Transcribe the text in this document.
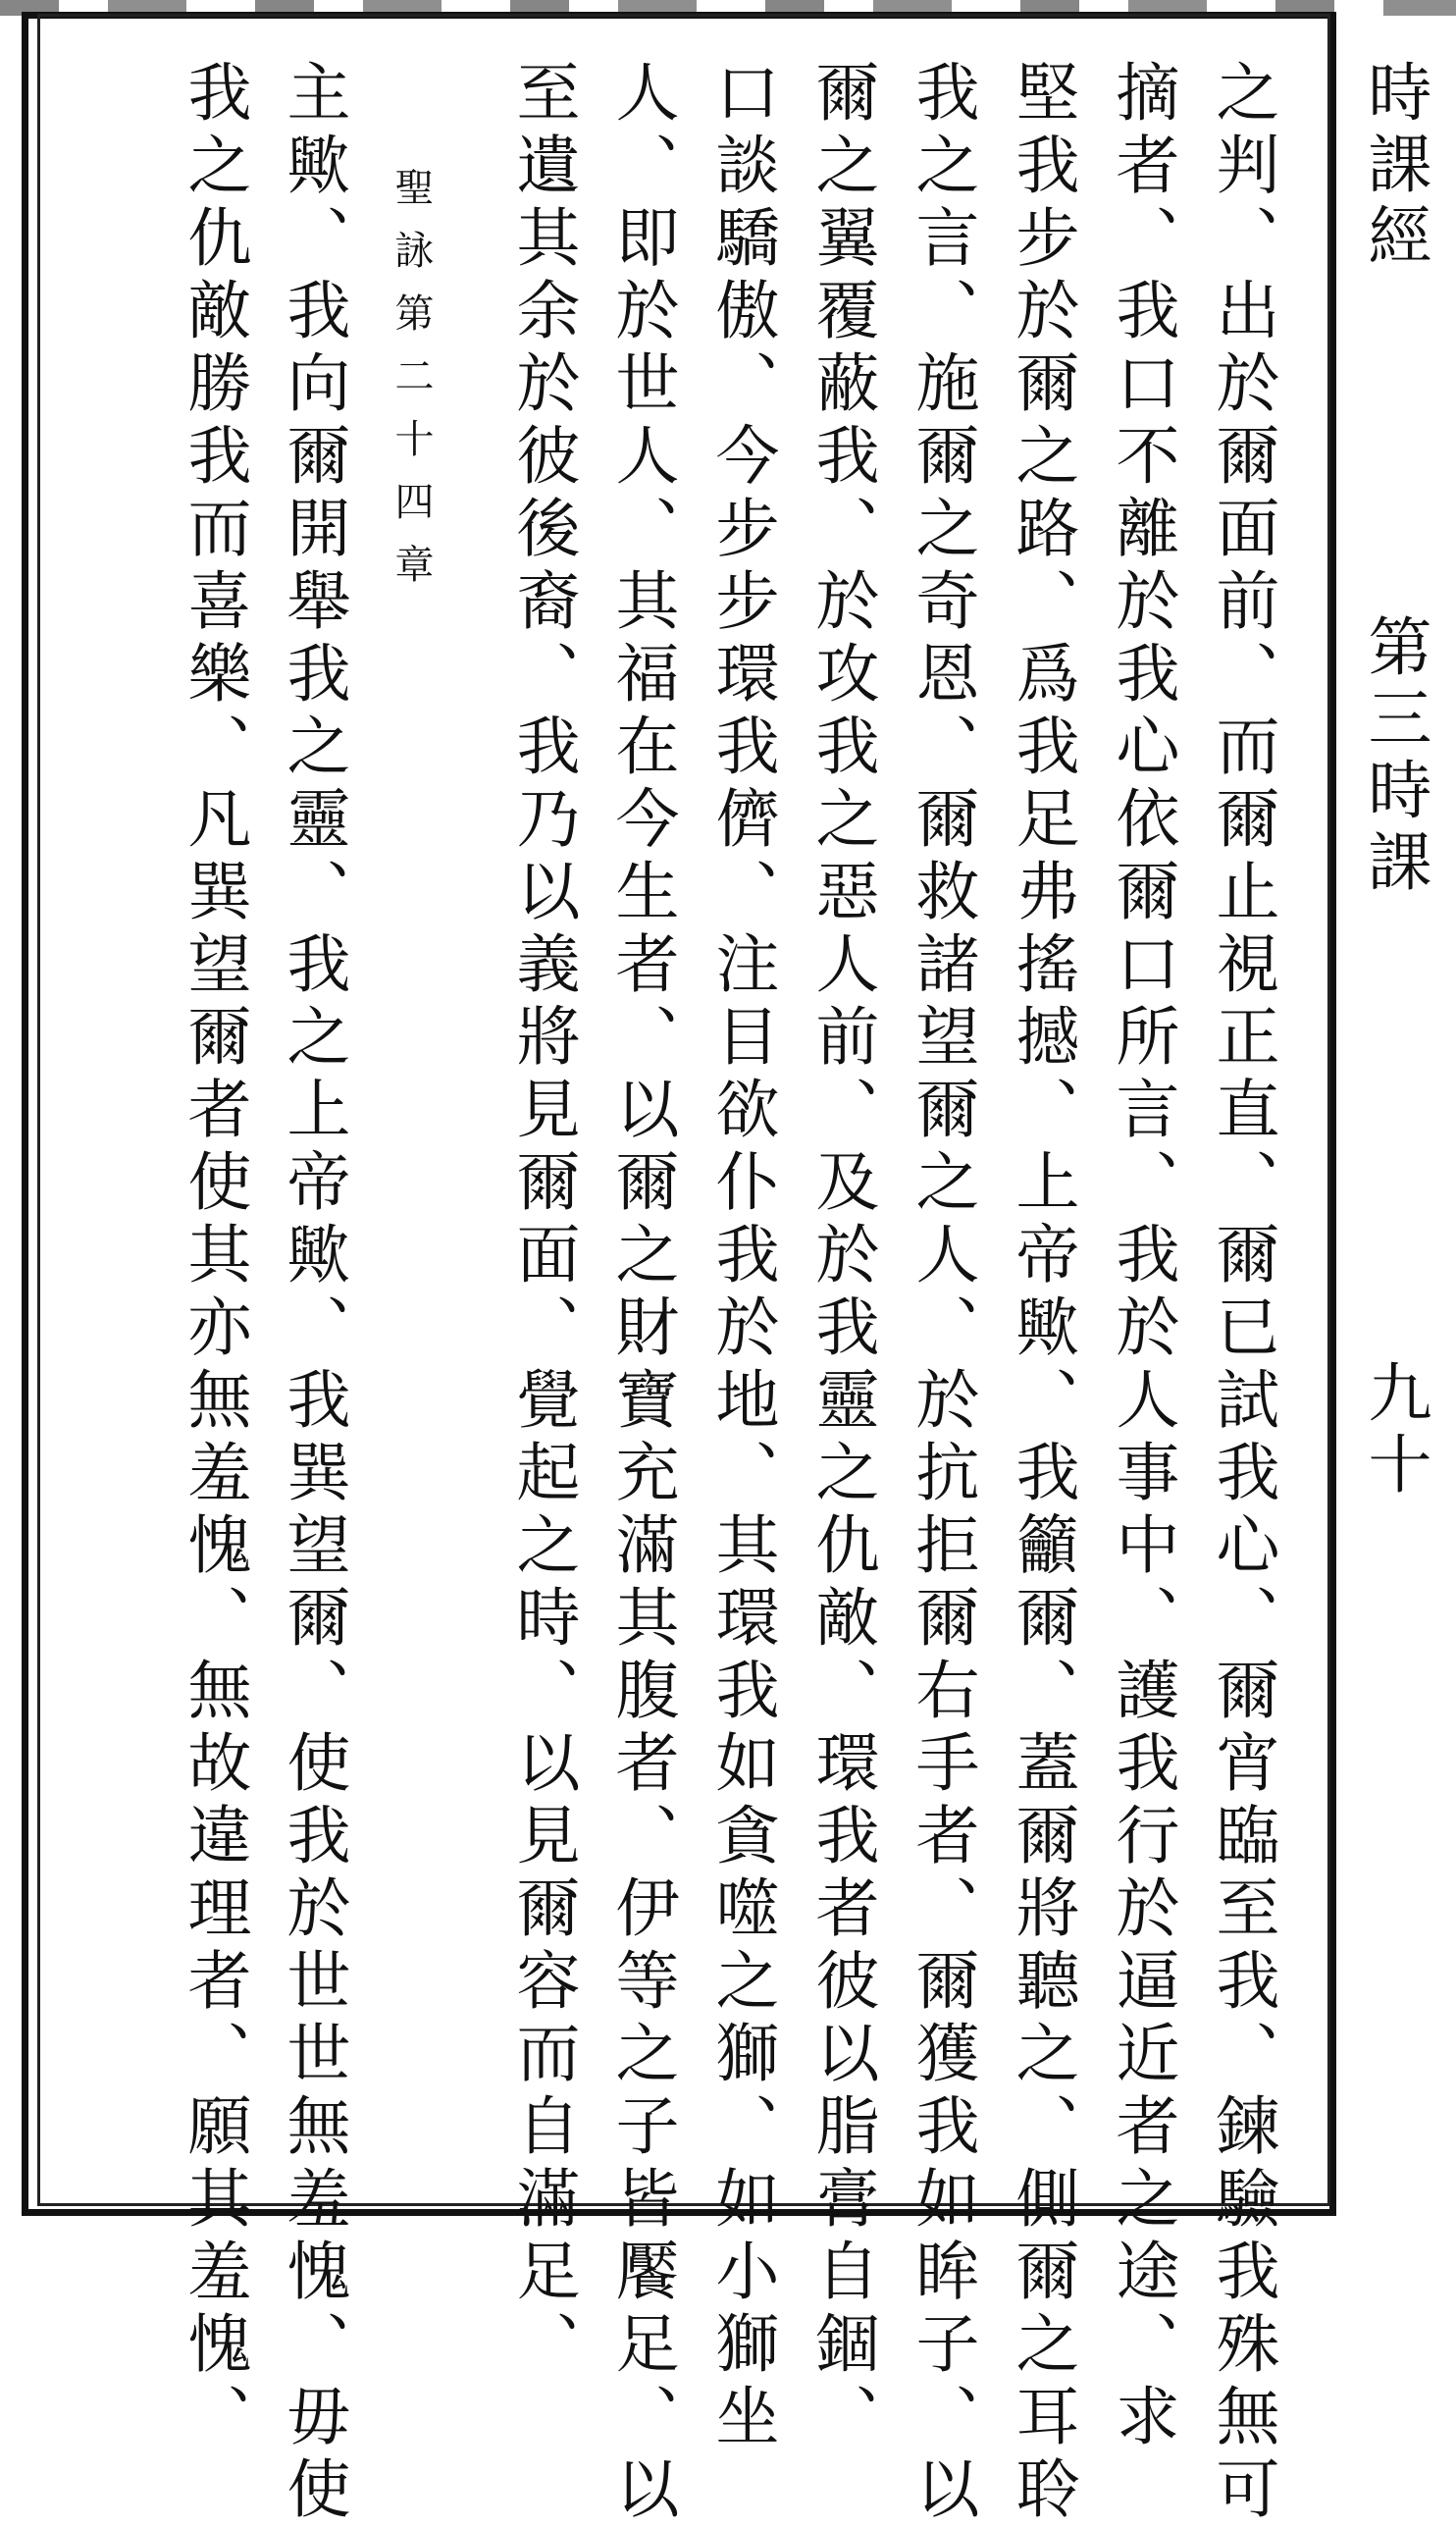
之判、出於爾面前、而爾止視正直、爾已試我心、爾宵臨至我、鍊驗我殊無可
摘者、我口不離於我心依爾口所言、我於人事中、護我行於逼近者之途、求
堅我步於爾之路、爲我足弗搖撼、上帝歟、我籲爾、蓋爾將聽之、側爾之耳聆
我之言、施爾之奇恩、爾救諸望爾之人、於抗拒爾右手者、爾獲我如眸子、以
爾之翼覆蔽我、於攻我之惡人前、及於我靈之仇敵、環我者彼以脂膏自錮、
口談驕傲、今步步環我儕、注目欲仆我於地、其環我如貪噬之獅、如小獅坐
人、即於世人、其福在今生者、以爾之財寶充滿其腹者、伊等之子皆饜足、以
至遺其余於彼後裔、我乃以義將見爾面、覺起之時、以見爾容而自滿足、
聖詠第二十四章
主歟、我向爾開舉我之靈、我之上帝歟、我巽望爾、使我於世世無羞愧、毋使
我之仇敵勝我而喜樂、凡巽望爾者使其亦無羞愧、無故違理者、願其羞愧、	時課經
第三時課
九十
